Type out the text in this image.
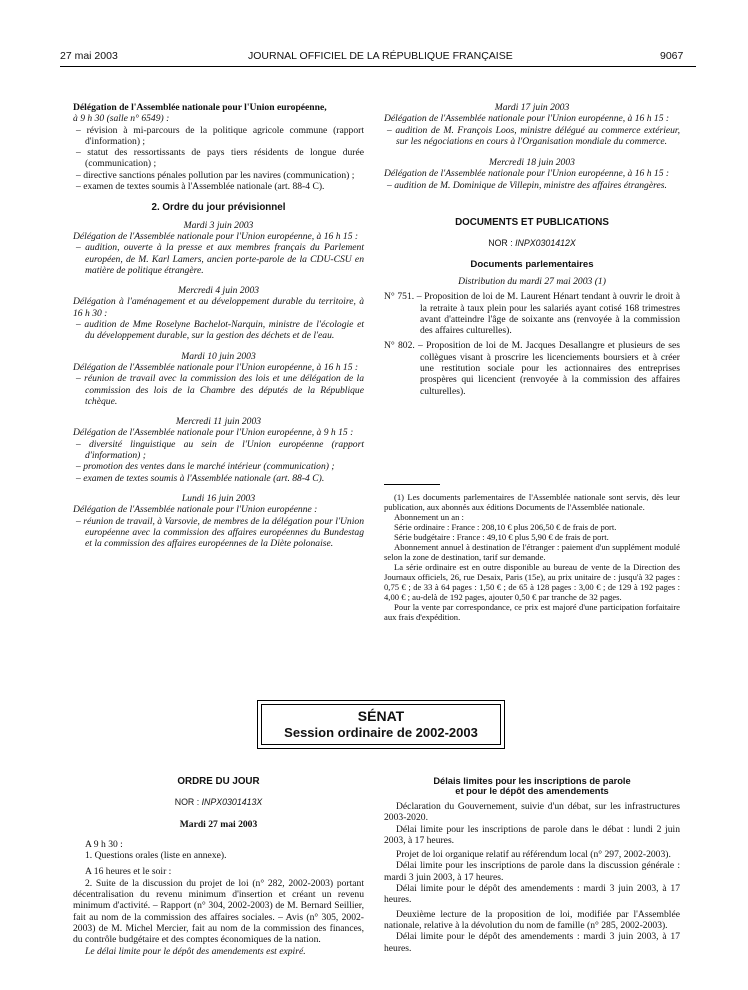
27 mai 2003	JOURNAL OFFICIEL DE LA RÉPUBLIQUE FRANÇAISE	9067

Délégation de l'Assemblée nationale pour l'Union européenne,

à 9 h 30 (salle n° 6549) :

– révision à mi-parcours de la politique agricole commune (rapport d'information) ;

– statut des ressortissants de pays tiers résidents de longue durée (communication) ;

– directive sanctions pénales pollution par les navires (communication) ;

– examen de textes soumis à l'Assemblée nationale (art. 88-4 C).

2. Ordre du jour prévisionnel

Mardi 3 juin 2003

Délégation de l'Assemblée nationale pour l'Union européenne, à 16 h 15 :

– audition, ouverte à la presse et aux membres français du Parlement européen, de M. Karl Lamers, ancien porte-parole de la CDU-CSU en matière de politique étrangère.

Mercredi 4 juin 2003

Délégation à l'aménagement et au développement durable du territoire, à 16 h 30 :

– audition de Mme Roselyne Bachelot-Narquin, ministre de l'écologie et du développement durable, sur la gestion des déchets et de l'eau.

Mardi 10 juin 2003

Délégation de l'Assemblée nationale pour l'Union européenne, à 16 h 15 :

– réunion de travail avec la commission des lois et une délégation de la commission des lois de la Chambre des députés de la République tchèque.

Mercredi 11 juin 2003

Délégation de l'Assemblée nationale pour l'Union européenne, à 9 h 15 :

– diversité linguistique au sein de l'Union européenne (rapport d'information) ;

– promotion des ventes dans le marché intérieur (communication) ;

– examen de textes soumis à l'Assemblée nationale (art. 88-4 C).

Lundi 16 juin 2003

Délégation de l'Assemblée nationale pour l'Union européenne :

– réunion de travail, à Varsovie, de membres de la délégation pour l'Union européenne avec la commission des affaires européennes du Bundestag et la commission des affaires européennes de la Diète polonaise.

Mardi 17 juin 2003

Délégation de l'Assemblée nationale pour l'Union européenne, à 16 h 15 :

– audition de M. François Loos, ministre délégué au commerce extérieur, sur les négociations en cours à l'Organisation mondiale du commerce.

Mercredi 18 juin 2003

Délégation de l'Assemblée nationale pour l'Union européenne, à 16 h 15 :

– audition de M. Dominique de Villepin, ministre des affaires étrangères.

DOCUMENTS ET PUBLICATIONS

NOR : INPX0301412X

Documents parlementaires

Distribution du mardi 27 mai 2003 (1)

N° 751. – Proposition de loi de M. Laurent Hénart tendant à ouvrir le droit à la retraite à taux plein pour les salariés ayant cotisé 168 trimestres avant d'atteindre l'âge de soixante ans (renvoyée à la commission des affaires culturelles).

N° 802. – Proposition de loi de M. Jacques Desallangre et plusieurs de ses collègues visant à proscrire les licenciements boursiers et à créer une restitution sociale pour les actionnaires des entreprises prospères qui licencient (renvoyée à la commission des affaires culturelles).

(1) Les documents parlementaires de l'Assemblée nationale sont servis, dès leur publication, aux abonnés aux éditions Documents de l'Assemblée nationale.

Abonnement un an :

Série ordinaire : France : 208,10 € plus 206,50 € de frais de port.

Série budgétaire : France : 49,10 € plus 5,90 € de frais de port.

Abonnement annuel à destination de l'étranger : paiement d'un supplément modulé selon la zone de destination, tarif sur demande.

La série ordinaire est en outre disponible au bureau de vente de la Direction des Journaux officiels, 26, rue Desaix, Paris (15e), au prix unitaire de : jusqu'à 32 pages : 0,75 € ; de 33 à 64 pages : 1,50 € ; de 65 à 128 pages : 3,00 € ; de 129 à 192 pages : 4,00 € ; au-delà de 192 pages, ajouter 0,50 € par tranche de 32 pages.

Pour la vente par correspondance, ce prix est majoré d'une participation forfaitaire aux frais d'expédition.

SÉNAT
Session ordinaire de 2002-2003

ORDRE DU JOUR

NOR : INPX0301413X

Mardi 27 mai 2003

A 9 h 30 :

1. Questions orales (liste en annexe).

A 16 heures et le soir :

2. Suite de la discussion du projet de loi (n° 282, 2002-2003) portant décentralisation du revenu minimum d'insertion et créant un revenu minimum d'activité. – Rapport (n° 304, 2002-2003) de M. Bernard Seillier, fait au nom de la commission des affaires sociales. – Avis (n° 305, 2002-2003) de M. Michel Mercier, fait au nom de la commission des finances, du contrôle budgétaire et des comptes économiques de la nation.

Le délai limite pour le dépôt des amendements est expiré.

Délais limites pour les inscriptions de parole

et pour le dépôt des amendements

Déclaration du Gouvernement, suivie d'un débat, sur les infrastructures 2003-2020.

Délai limite pour les inscriptions de parole dans le débat : lundi 2 juin 2003, à 17 heures.

Projet de loi organique relatif au référendum local (n° 297, 2002-2003).

Délai limite pour les inscriptions de parole dans la discussion générale : mardi 3 juin 2003, à 17 heures.

Délai limite pour le dépôt des amendements : mardi 3 juin 2003, à 17 heures.

Deuxième lecture de la proposition de loi, modifiée par l'Assemblée nationale, relative à la dévolution du nom de famille (n° 285, 2002-2003).

Délai limite pour le dépôt des amendements : mardi 3 juin 2003, à 17 heures.
